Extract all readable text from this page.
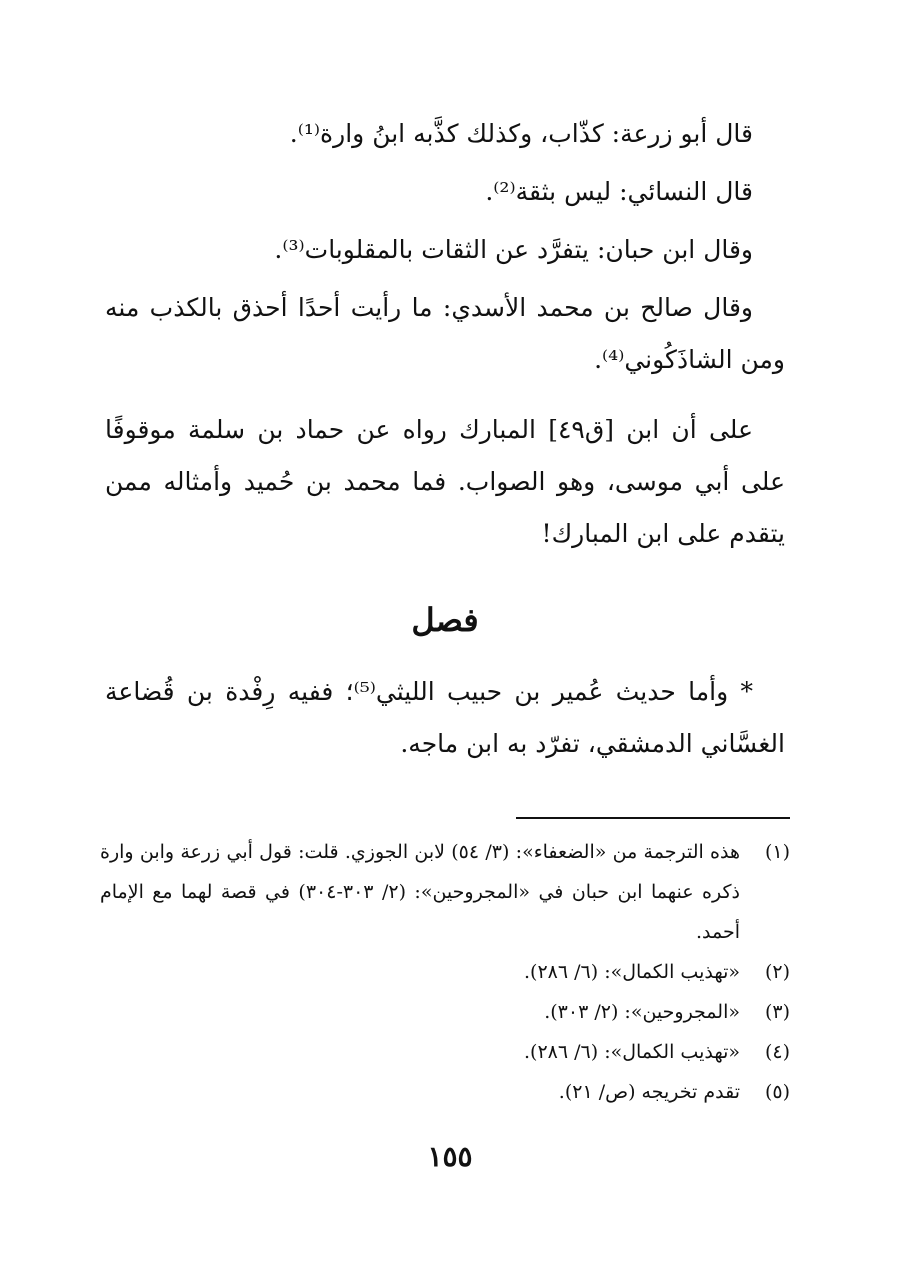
قال أبو زرعة: كذّاب، وكذلك كذَّبه ابنُ وارة⁽¹⁾.

قال النسائي: ليس بثقة⁽²⁾.

وقال ابن حبان: يتفرَّد عن الثقات بالمقلوبات⁽³⁾.

وقال صالح بن محمد الأسدي: ما رأيت أحدًا أحذق بالكذب منه ومن الشاذَكُوني⁽⁴⁾.

على أن ابن [ق٤٩] المبارك رواه عن حماد بن سلمة موقوفًا على أبي موسى، وهو الصواب. فما محمد بن حُميد وأمثاله ممن يتقدم على ابن المبارك!

فصل

* وأما حديث عُمير بن حبيب الليثي⁽⁵⁾؛ ففيه رِفْدة بن قُضاعة الغسَّاني الدمشقي، تفرّد به ابن ماجه.

(١)
هذه الترجمة من «الضعفاء»: (٣/ ٥٤) لابن الجوزي. قلت: قول أبي زرعة وابن وارة ذكره عنهما ابن حبان في «المجروحين»: (٢/ ٣٠٣-٣٠٤) في قصة لهما مع الإمام أحمد.
(٢)
«تهذيب الكمال»: (٦/ ٢٨٦).
(٣)
«المجروحين»: (٢/ ٣٠٣).
(٤)
«تهذيب الكمال»: (٦/ ٢٨٦).
(٥)
تقدم تخريجه (ص/ ٢١).
١٥٥
